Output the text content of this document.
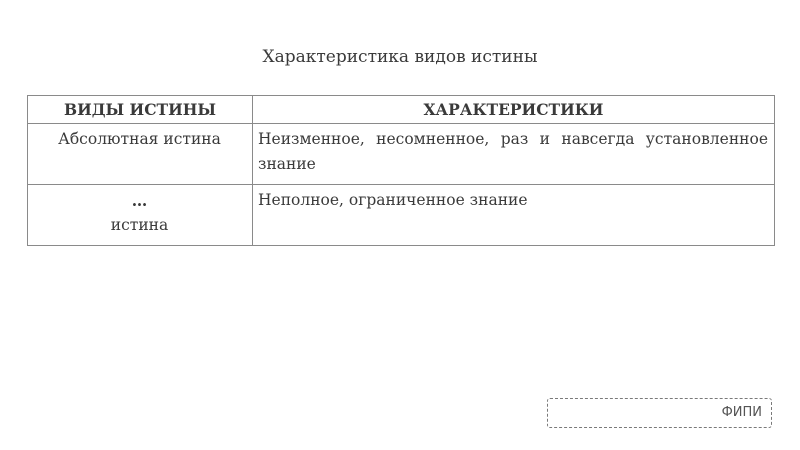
Характеристика видов истины
ВИДЫ ИСТИНЫ	ХАРАКТЕРИСТИКИ
Абсолютная истина	Неизменное, несомненное, раз и навсегда установленное знание

…
истина	Неполное, ограниченное знание
ФИПИ
